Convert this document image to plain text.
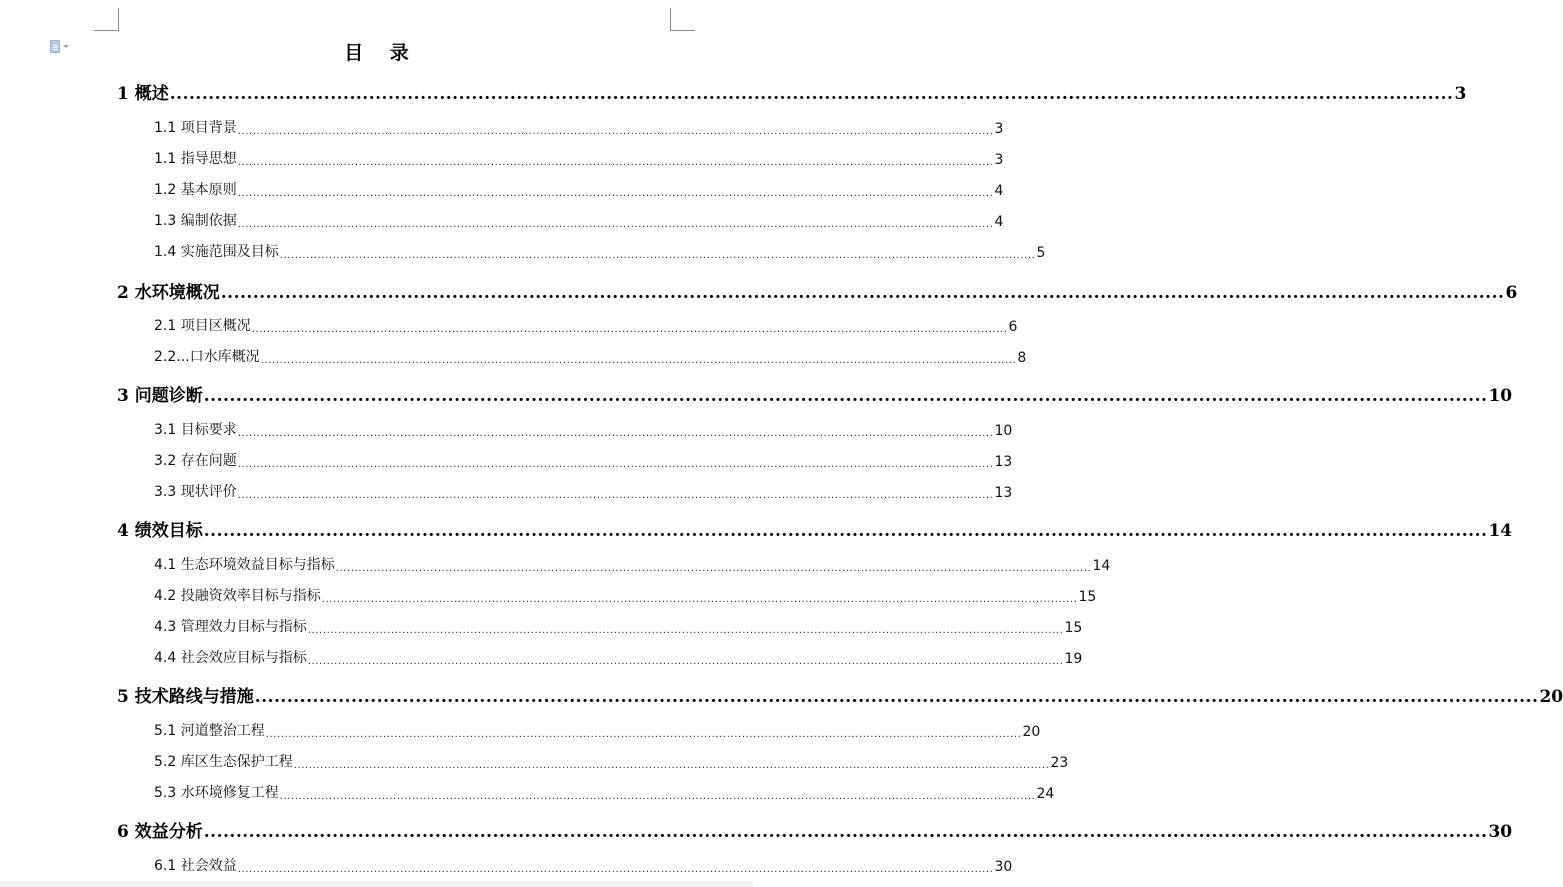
目 录
1 概述 ........................................................................................................................................................................................................ 3
1.1 项目背景 ........................................................................................................................................................................................................ 3
1.1 指导思想 ........................................................................................................................................................................................................ 3
1.2 基本原则 ........................................................................................................................................................................................................ 4
1.3 编制依据 ........................................................................................................................................................................................................ 4
1.4 实施范围及目标 ........................................................................................................................................................................................................ 5
2 水环境概况 ........................................................................................................................................................................................................ 6
2.1 项目区概况 ........................................................................................................................................................................................................ 6
2.2...口水库概况 ........................................................................................................................................................................................................ 8
3 问题诊断 ........................................................................................................................................................................................................ 10
3.1 目标要求 ........................................................................................................................................................................................................ 10
3.2 存在问题 ........................................................................................................................................................................................................ 13
3.3 现状评价 ........................................................................................................................................................................................................ 13
4 绩效目标 ........................................................................................................................................................................................................ 14
4.1 生态环境效益目标与指标 ........................................................................................................................................................................................................ 14
4.2 投融资效率目标与指标 ........................................................................................................................................................................................................ 15
4.3 管理效力目标与指标 ........................................................................................................................................................................................................ 15
4.4 社会效应目标与指标 ........................................................................................................................................................................................................ 19
5 技术路线与措施 ........................................................................................................................................................................................................ 20
5.1 河道整治工程 ........................................................................................................................................................................................................ 20
5.2 库区生态保护工程 ........................................................................................................................................................................................................ 23
5.3 水环境修复工程 ........................................................................................................................................................................................................ 24
6 效益分析 ........................................................................................................................................................................................................ 30
6.1 社会效益 ........................................................................................................................................................................................................ 30
